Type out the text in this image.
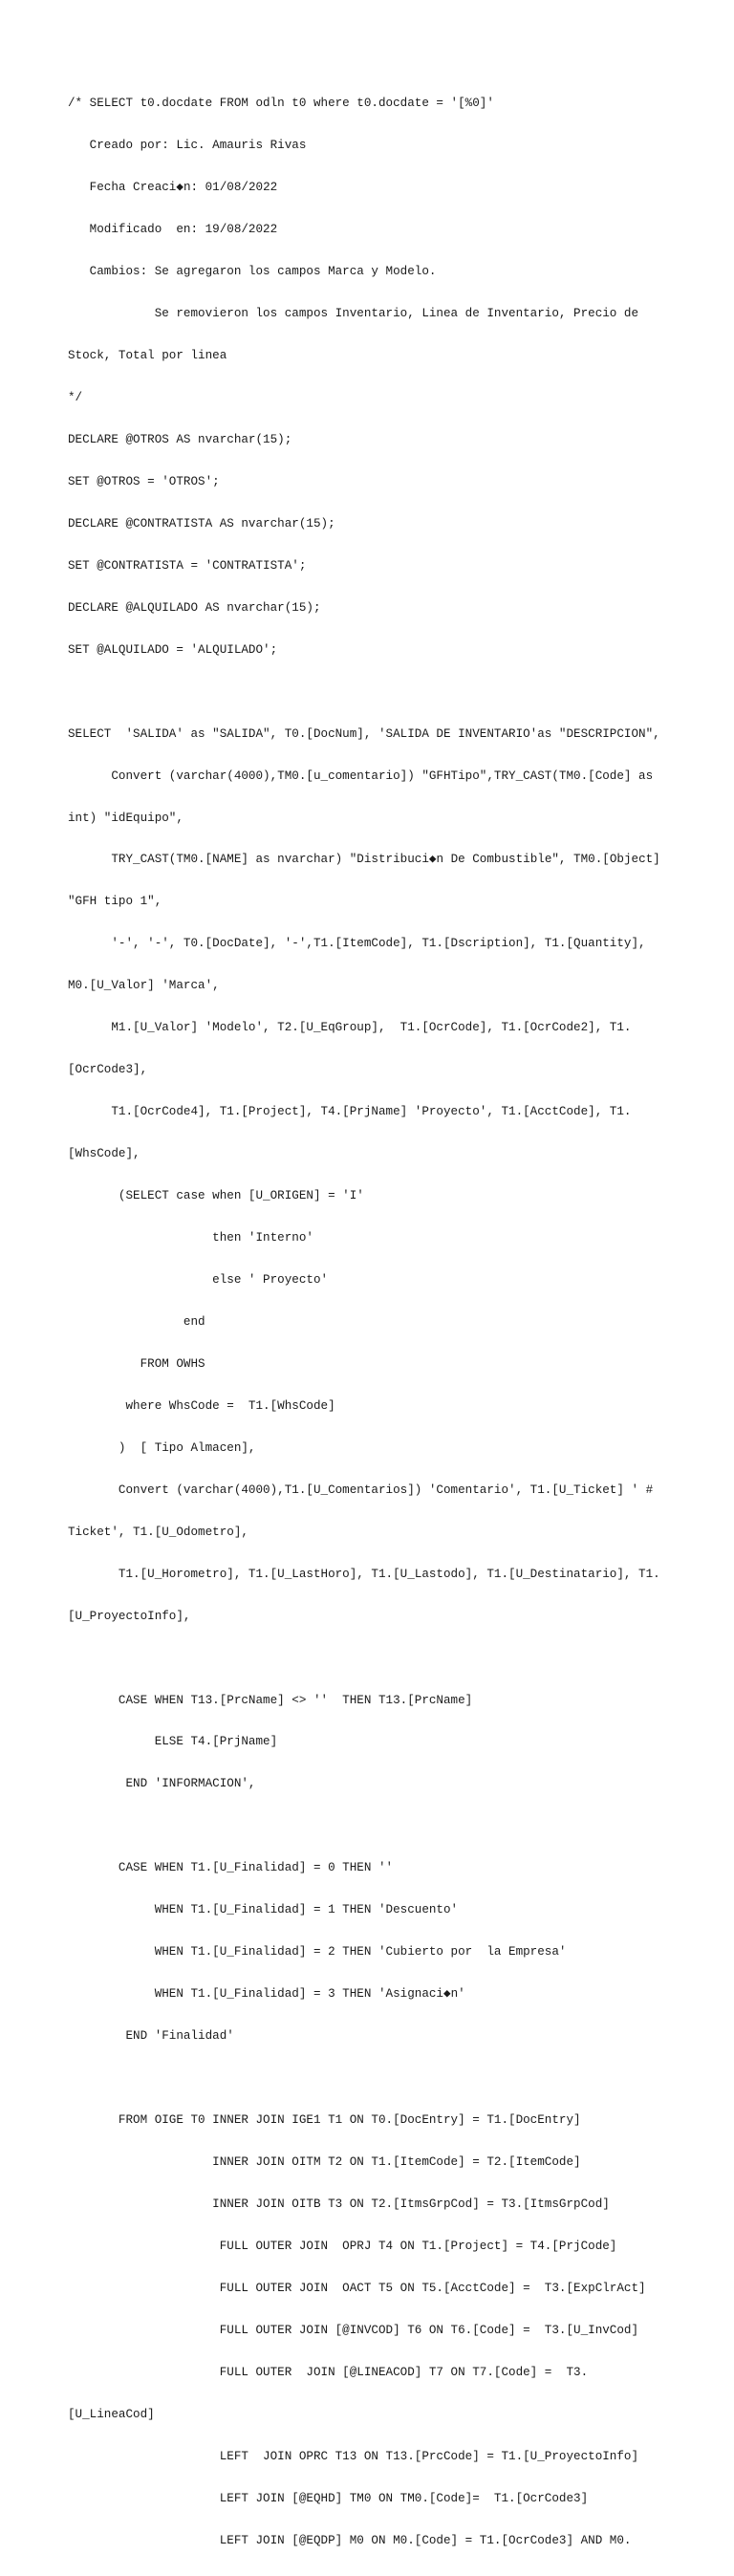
/* SELECT t0.docdate FROM odln t0 where t0.docdate = '[%0]'

Creado por: Lic. Amauris Rivas

Fecha Creaci◆n: 01/08/2022

Modificado  en: 19/08/2022

Cambios: Se agregaron los campos Marca y Modelo.

Se removieron los campos Inventario, Linea de Inventario, Precio de

Stock, Total por linea

*/

DECLARE @OTROS AS nvarchar(15);

SET @OTROS = 'OTROS';

DECLARE @CONTRATISTA AS nvarchar(15);

SET @CONTRATISTA = 'CONTRATISTA';

DECLARE @ALQUILADO AS nvarchar(15);

SET @ALQUILADO = 'ALQUILADO';

SELECT  'SALIDA' as "SALIDA", T0.[DocNum], 'SALIDA DE INVENTARIO'as "DESCRIPCION",

Convert (varchar(4000),TM0.[u_comentario]) "GFHTipo",TRY_CAST(TM0.[Code] as

int) "idEquipo",

TRY_CAST(TM0.[NAME] as nvarchar) "Distribuci◆n De Combustible", TM0.[Object]

"GFH tipo 1",

'-', '-', T0.[DocDate], '-',T1.[ItemCode], T1.[Dscription], T1.[Quantity],

M0.[U_Valor] 'Marca',

M1.[U_Valor] 'Modelo', T2.[U_EqGroup],  T1.[OcrCode], T1.[OcrCode2], T1.

[OcrCode3],

T1.[OcrCode4], T1.[Project], T4.[PrjName] 'Proyecto', T1.[AcctCode], T1.

[WhsCode],

(SELECT case when [U_ORIGEN] = 'I'

then 'Interno'

else ' Proyecto'

end

FROM OWHS

where WhsCode =  T1.[WhsCode]

)  [ Tipo Almacen],

Convert (varchar(4000),T1.[U_Comentarios]) 'Comentario', T1.[U_Ticket] ' #

Ticket', T1.[U_Odometro],

T1.[U_Horometro], T1.[U_LastHoro], T1.[U_Lastodo], T1.[U_Destinatario], T1.

[U_ProyectoInfo],

CASE WHEN T13.[PrcName] <> ''  THEN T13.[PrcName]

ELSE T4.[PrjName]

END 'INFORMACION',

CASE WHEN T1.[U_Finalidad] = 0 THEN ''

WHEN T1.[U_Finalidad] = 1 THEN 'Descuento'

WHEN T1.[U_Finalidad] = 2 THEN 'Cubierto por  la Empresa'

WHEN T1.[U_Finalidad] = 3 THEN 'Asignaci◆n'

END 'Finalidad'

FROM OIGE T0 INNER JOIN IGE1 T1 ON T0.[DocEntry] = T1.[DocEntry]

INNER JOIN OITM T2 ON T1.[ItemCode] = T2.[ItemCode]

INNER JOIN OITB T3 ON T2.[ItmsGrpCod] = T3.[ItmsGrpCod]

FULL OUTER JOIN  OPRJ T4 ON T1.[Project] = T4.[PrjCode]

FULL OUTER JOIN  OACT T5 ON T5.[AcctCode] =  T3.[ExpClrAct]

FULL OUTER JOIN [@INVCOD] T6 ON T6.[Code] =  T3.[U_InvCod]

FULL OUTER  JOIN [@LINEACOD] T7 ON T7.[Code] =  T3.

[U_LineaCod]

LEFT  JOIN OPRC T13 ON T13.[PrcCode] = T1.[U_ProyectoInfo]

LEFT JOIN [@EQHD] TM0 ON TM0.[Code]=  T1.[OcrCode3]

LEFT JOIN [@EQDP] M0 ON M0.[Code] = T1.[OcrCode3] AND M0.
